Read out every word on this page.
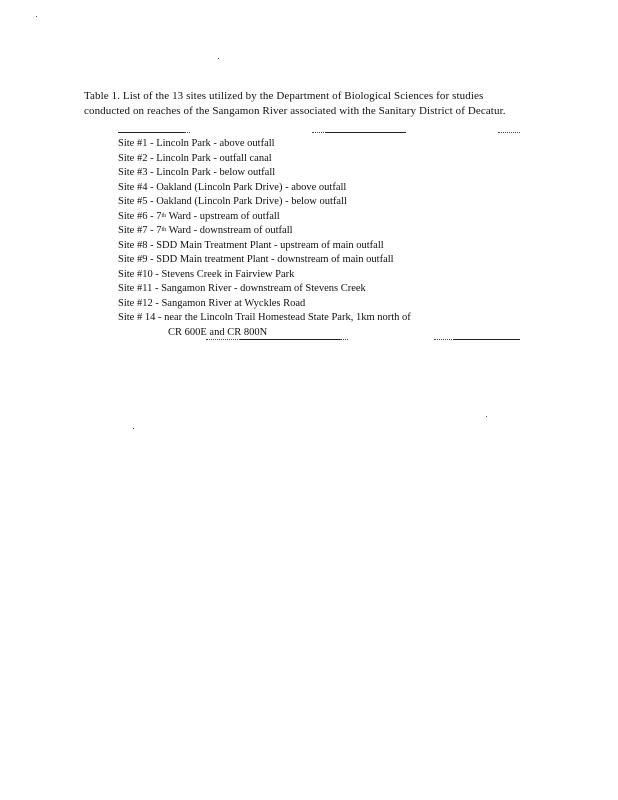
Table 1. List of the 13 sites utilized by the Department of Biological Sciences for studies conducted on reaches of the Sangamon River associated with the Sanitary District of Decatur.

Site #1 - Lincoln Park - above outfall
Site #2 - Lincoln Park - outfall canal
Site #3 - Lincoln Park - below outfall
Site #4 - Oakland (Lincoln Park Drive) - above outfall
Site #5 - Oakland (Lincoln Park Drive) - below outfall
Site #6 - 7th Ward - upstream of outfall
Site #7 - 7th Ward - downstream of outfall
Site #8 - SDD Main Treatment Plant - upstream of main outfall
Site #9 - SDD Main treatment Plant - downstream of main outfall
Site #10 - Stevens Creek in Fairview Park
Site #11 - Sangamon River - downstream of Stevens Creek
Site #12 - Sangamon River at Wyckles Road
Site # 14 - near the Lincoln Trail Homestead State Park, 1km north of
CR 600E and CR 800N
